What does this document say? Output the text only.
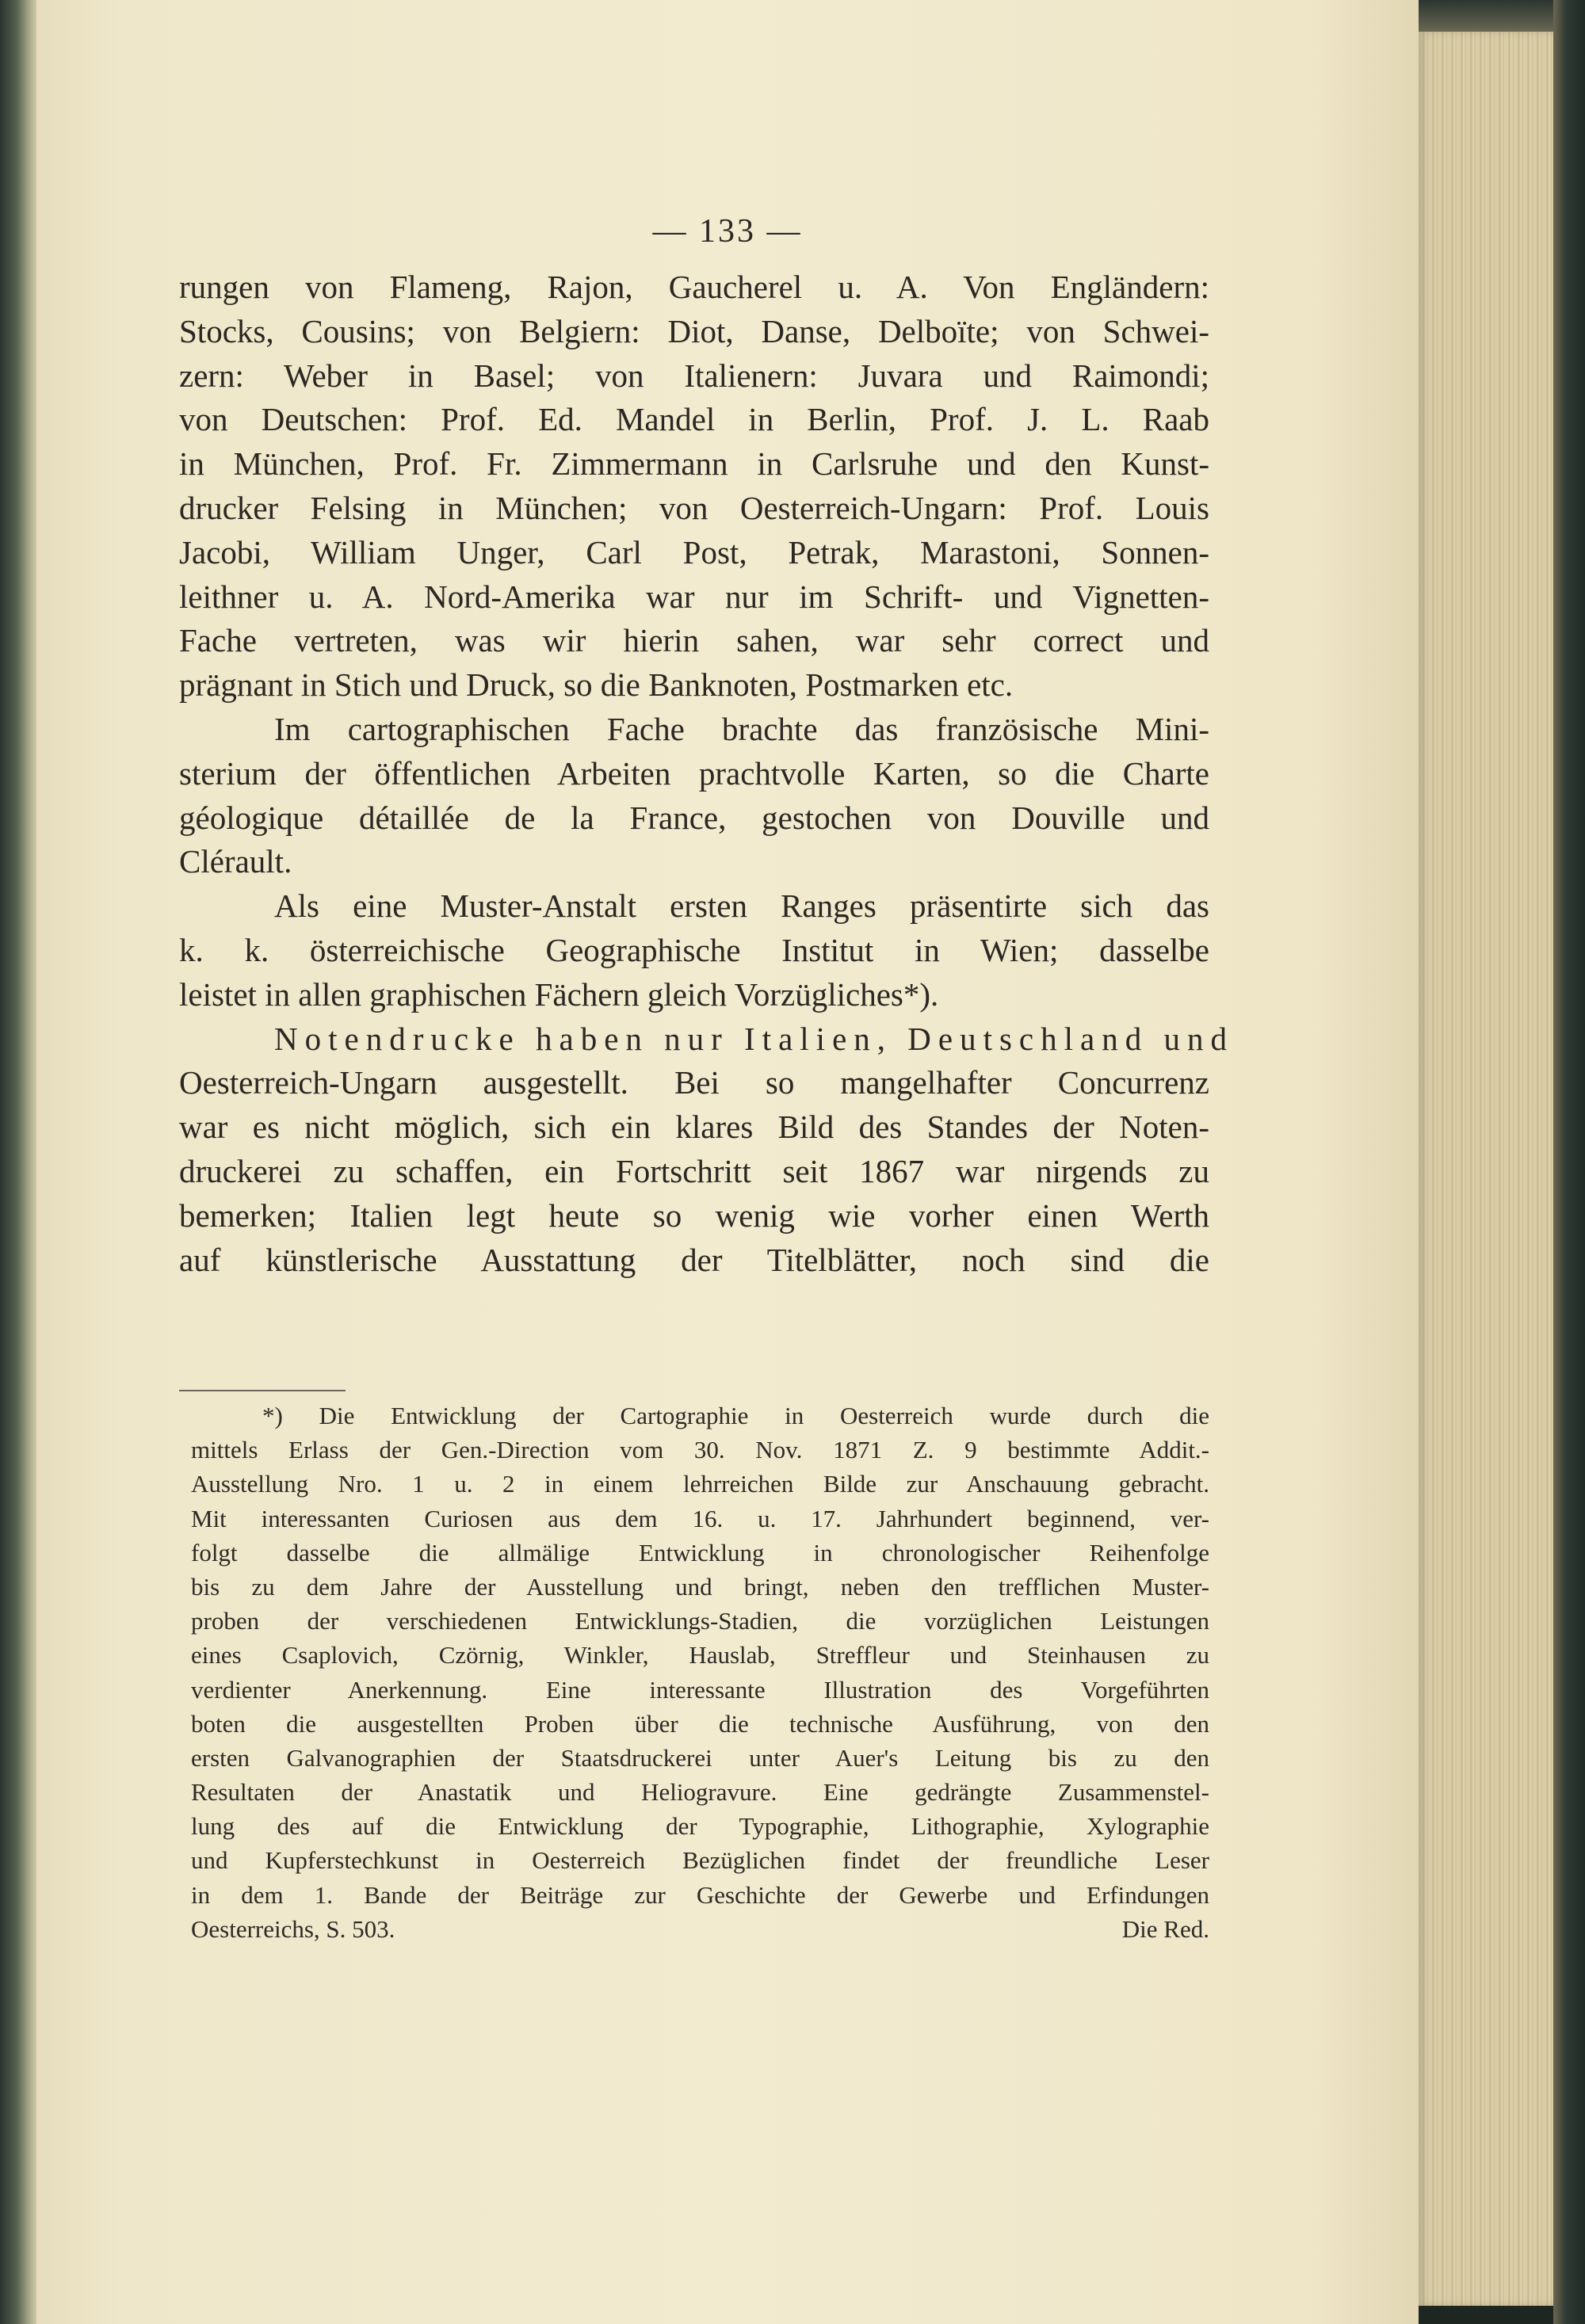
— 133 —
rungen von Flameng, Rajon, Gaucherel u. A. Von Engländern:
Stocks, Cousins; von Belgiern: Diot, Danse, Delboïte; von Schwei-
zern: Weber in Basel; von Italienern: Juvara und Raimondi;
von Deutschen: Prof. Ed. Mandel in Berlin, Prof. J. L. Raab
in München, Prof. Fr. Zimmermann in Carlsruhe und den Kunst-
drucker Felsing in München; von Oesterreich-Ungarn: Prof. Louis
Jacobi, William Unger, Carl Post, Petrak, Marastoni, Sonnen-
leithner u. A. Nord-Amerika war nur im Schrift- und Vignetten-
Fache vertreten, was wir hierin sahen, war sehr correct und
prägnant in Stich und Druck, so die Banknoten, Postmarken etc.
Im cartographischen Fache brachte das französische Mini-
sterium der öffentlichen Arbeiten prachtvolle Karten, so die Charte
géologique détaillée de la France, gestochen von Douville und
Clérault.
Als eine Muster-Anstalt ersten Ranges präsentirte sich das
k. k. österreichische Geographische Institut in Wien; dasselbe
leistet in allen graphischen Fächern gleich Vorzügliches*).
Notendrucke haben nur Italien, Deutschland und
Oesterreich-Ungarn ausgestellt. Bei so mangelhafter Concurrenz
war es nicht möglich, sich ein klares Bild des Standes der Noten-
druckerei zu schaffen, ein Fortschritt seit 1867 war nirgends zu
bemerken; Italien legt heute so wenig wie vorher einen Werth
auf künstlerische Ausstattung der Titelblätter, noch sind die
*) Die Entwicklung der Cartographie in Oesterreich wurde durch die
mittels Erlass der Gen.-Direction vom 30. Nov. 1871 Z. 9 bestimmte Addit.-
Ausstellung Nro. 1 u. 2 in einem lehrreichen Bilde zur Anschauung gebracht.
Mit interessanten Curiosen aus dem 16. u. 17. Jahrhundert beginnend, ver-
folgt dasselbe die allmälige Entwicklung in chronologischer Reihenfolge
bis zu dem Jahre der Ausstellung und bringt, neben den trefflichen Muster-
proben der verschiedenen Entwicklungs-Stadien, die vorzüglichen Leistungen
eines Csaplovich, Czörnig, Winkler, Hauslab, Streffleur und Steinhausen zu
verdienter Anerkennung. Eine interessante Illustration des Vorgeführten
boten die ausgestellten Proben über die technische Ausführung, von den
ersten Galvanographien der Staatsdruckerei unter Auer's Leitung bis zu den
Resultaten der Anastatik und Heliogravure. Eine gedrängte Zusammenstel-
lung des auf die Entwicklung der Typographie, Lithographie, Xylographie
und Kupferstechkunst in Oesterreich Bezüglichen findet der freundliche Leser
in dem 1. Bande der Beiträge zur Geschichte der Gewerbe und Erfindungen
Oesterreichs, S. 503.	Die Red.
